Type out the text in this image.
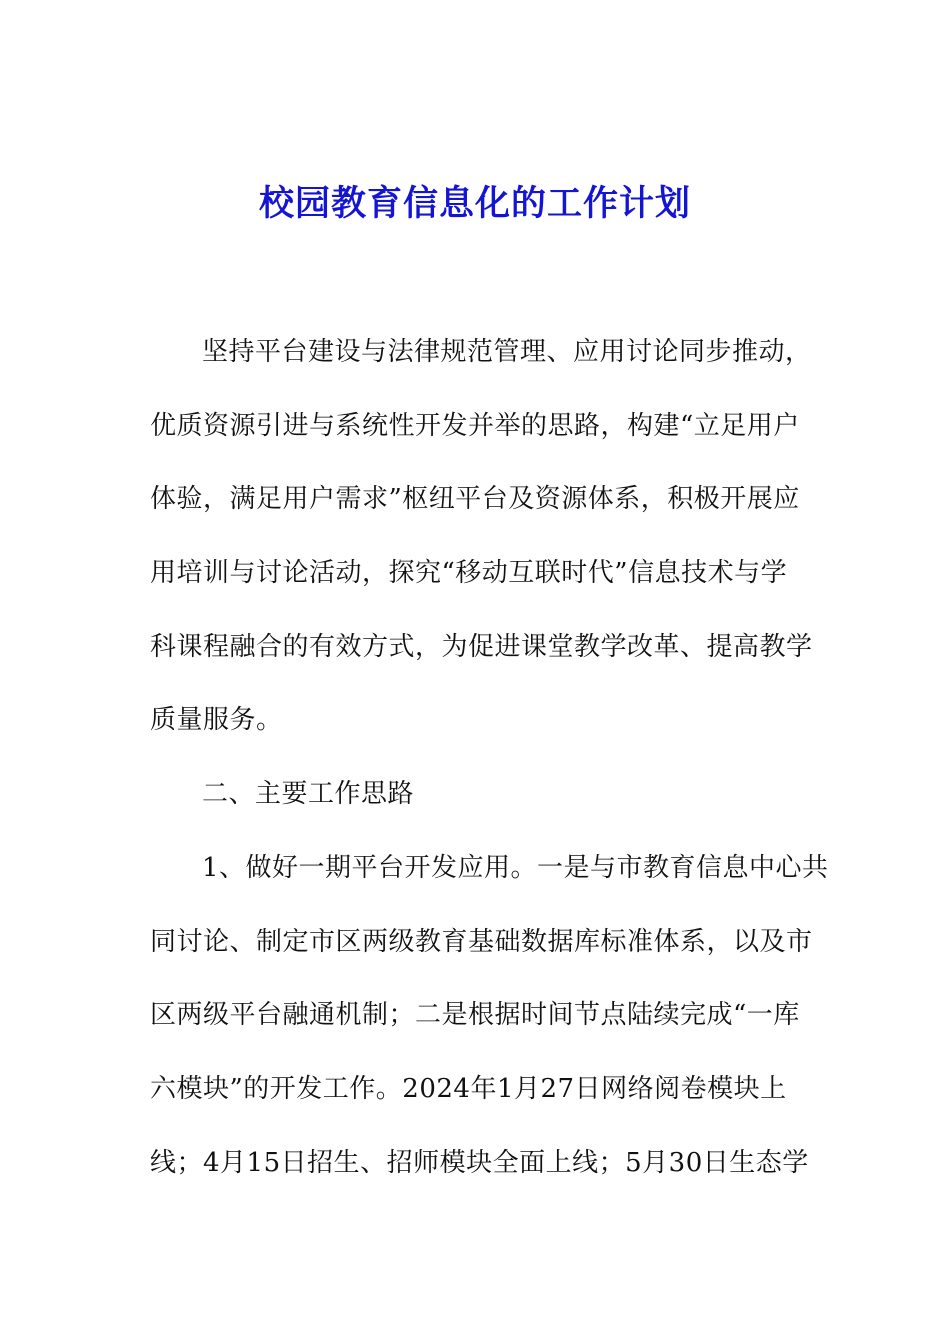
校园教育信息化的工作计划
坚持平台建设与法律规范管理、应用讨论同步推动，
优质资源引进与系统性开发并举的思路，构建“立足用户
体验，满足用户需求”枢纽平台及资源体系，积极开展应
用培训与讨论活动，探究“移动互联时代”信息技术与学
科课程融合的有效方式，为促进课堂教学改革、提高教学
质量服务。
二、主要工作思路
1、做好一期平台开发应用。一是与市教育信息中心共
同讨论、制定市区两级教育基础数据库标准体系，以及市
区两级平台融通机制；二是根据时间节点陆续完成“一库
六模块”的开发工作。2024年1月27日网络阅卷模块上
线；4月15日招生、招师模块全面上线；5月30日生态学
